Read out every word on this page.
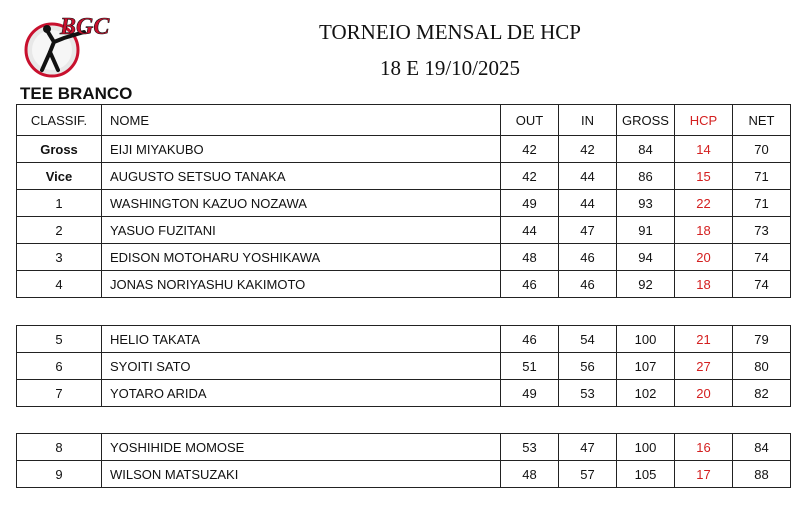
BGC	TORNEIO MENSAL DE HCP
18 E 19/10/2025
TEE BRANCO
CLASSIF.	NOME	OUT	IN	GROSS	HCP	NET
Gross	EIJI MIYAKUBO	42	42	84	14	70
Vice	AUGUSTO SETSUO TANAKA	42	44	86	15	71
1	WASHINGTON KAZUO NOZAWA	49	44	93	22	71
2	YASUO FUZITANI	44	47	91	18	73
3	EDISON MOTOHARU YOSHIKAWA	48	46	94	20	74
4	JONAS NORIYASHU KAKIMOTO	46	46	92	18	74
5	HELIO TAKATA	46	54	100	21	79
6	SYOITI SATO	51	56	107	27	80
7	YOTARO ARIDA	49	53	102	20	82
8	YOSHIHIDE MOMOSE	53	47	100	16	84
9	WILSON MATSUZAKI	48	57	105	17	88
